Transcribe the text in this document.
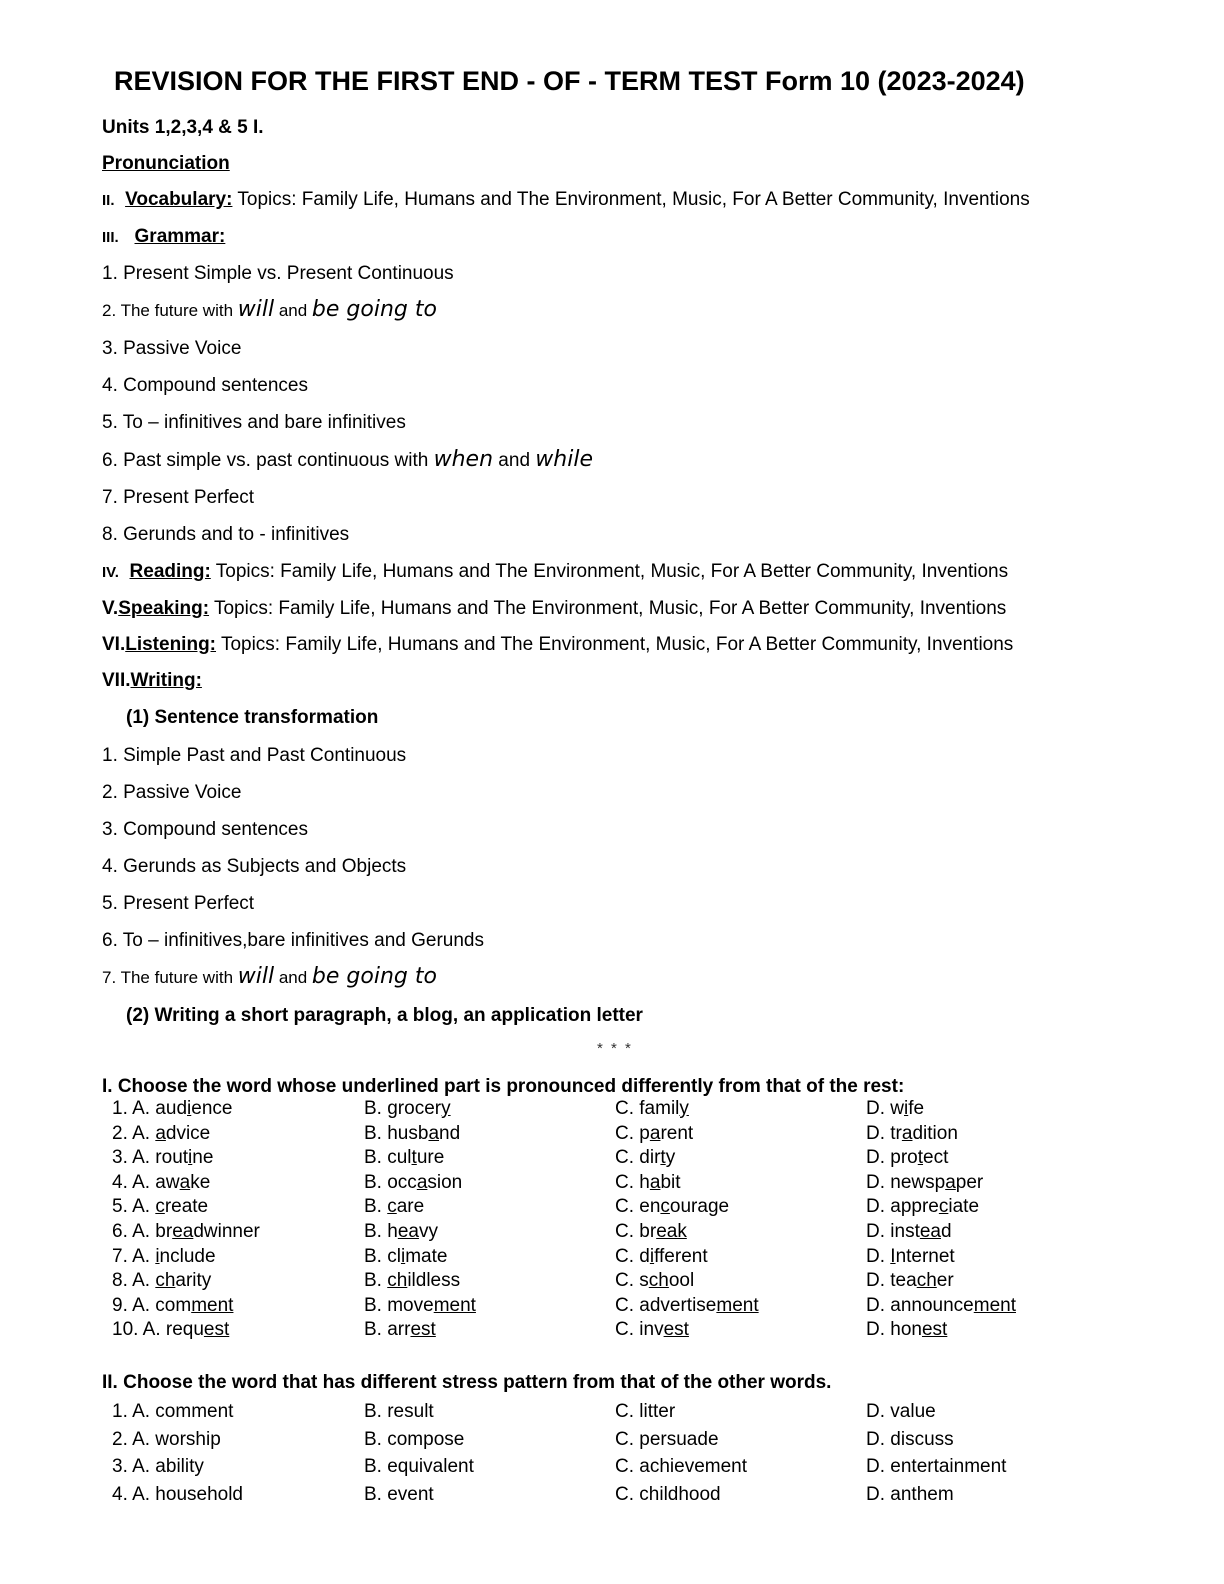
REVISION FOR THE FIRST END - OF - TERM TEST Form 10 (2023-2024)
Units 1,2,3,4 & 5 I.
Pronunciation
II. Vocabulary: Topics: Family Life, Humans and The Environment, Music, For A Better Community, Inventions
III. Grammar:
1. Present Simple vs. Present Continuous
2. The future with will and be going to
3. Passive Voice
4. Compound sentences
5. To – infinitives and bare infinitives
6. Past simple vs. past continuous with when and while
7. Present Perfect
8. Gerunds and to - infinitives
IV. Reading: Topics: Family Life, Humans and The Environment, Music, For A Better Community, Inventions
V.Speaking: Topics: Family Life, Humans and The Environment, Music, For A Better Community, Inventions
VI.Listening: Topics: Family Life, Humans and The Environment, Music, For A Better Community, Inventions
VII.Writing:
(1) Sentence transformation
1. Simple Past and Past Continuous
2. Passive Voice
3. Compound sentences
4. Gerunds as Subjects and Objects
5. Present Perfect
6. To – infinitives,bare infinitives and Gerunds
7. The future with will and be going to
(2) Writing a short paragraph, a blog, an application letter
* * *
I. Choose the word whose underlined part is pronounced differently from that of the rest:
1. A. audience	B. grocery	C. family	D. wife
2. A. advice	B. husband	C. parent	D. tradition
3. A. routine	B. culture	C. dirty	D. protect
4. A. awake	B. occasion	C. habit	D. newspaper
5. A. create	B. care	C. encourage	D. appreciate
6. A. breadwinner	B. heavy	C. break	D. instead
7. A. include	B. climate	C. different	D. Internet
8. A. charity	B. childless	C. school	D. teacher
9. A. comment	B. movement	C. advertisement	D. announcement
10. A. request	B. arrest	C. invest	D. honest
II. Choose the word that has different stress pattern from that of the other words.
1. A. comment	B. result	C. litter	D. value
2. A. worship	B. compose	C. persuade	D. discuss
3. A. ability	B. equivalent	C. achievement	D. entertainment
4. A. household	B. event	C. childhood	D. anthem
